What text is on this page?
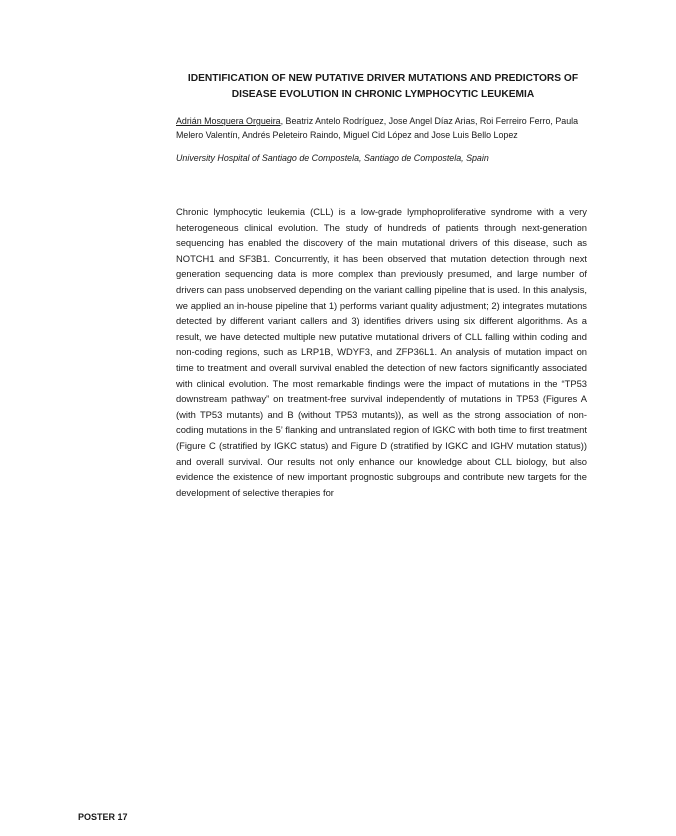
IDENTIFICATION OF NEW PUTATIVE DRIVER MUTATIONS AND PREDICTORS OF DISEASE EVOLUTION IN CHRONIC LYMPHOCYTIC LEUKEMIA
Adrián Mosquera Orgueira, Beatriz Antelo Rodríguez, Jose Angel Díaz Arias, Roi Ferreiro Ferro, Paula Melero Valentín, Andrés Peleteiro Raindo, Miguel Cid López and Jose Luis Bello Lopez
University Hospital of Santiago de Compostela, Santiago de Compostela, Spain
Chronic lymphocytic leukemia (CLL) is a low-grade lymphoproliferative syndrome with a very heterogeneous clinical evolution. The study of hundreds of patients through next-generation sequencing has enabled the discovery of the main mutational drivers of this disease, such as NOTCH1 and SF3B1. Concurrently, it has been observed that mutation detection through next generation sequencing data is more complex than previously presumed, and large number of drivers can pass unobserved depending on the variant calling pipeline that is used. In this analysis, we applied an in-house pipeline that 1) performs variant quality adjustment; 2) integrates mutations detected by different variant callers and 3) identifies drivers using six different algorithms. As a result, we have detected multiple new putative mutational drivers of CLL falling within coding and non-coding regions, such as LRP1B, WDYF3, and ZFP36L1. An analysis of mutation impact on time to treatment and overall survival enabled the detection of new factors significantly associated with clinical evolution. The most remarkable findings were the impact of mutations in the “TP53 downstream pathway” on treatment-free survival independently of mutations in TP53 (Figures A (with TP53 mutants) and B (without TP53 mutants)), as well as the strong association of non-coding mutations in the 5’ flanking and untranslated region of IGKC with both time to first treatment (Figure C (stratified by IGKC status) and Figure D (stratified by IGKC and IGHV mutation status)) and overall survival. Our results not only enhance our knowledge about CLL biology, but also evidence the existence of new important prognostic subgroups and contribute new targets for the development of selective therapies for
POSTER 17
